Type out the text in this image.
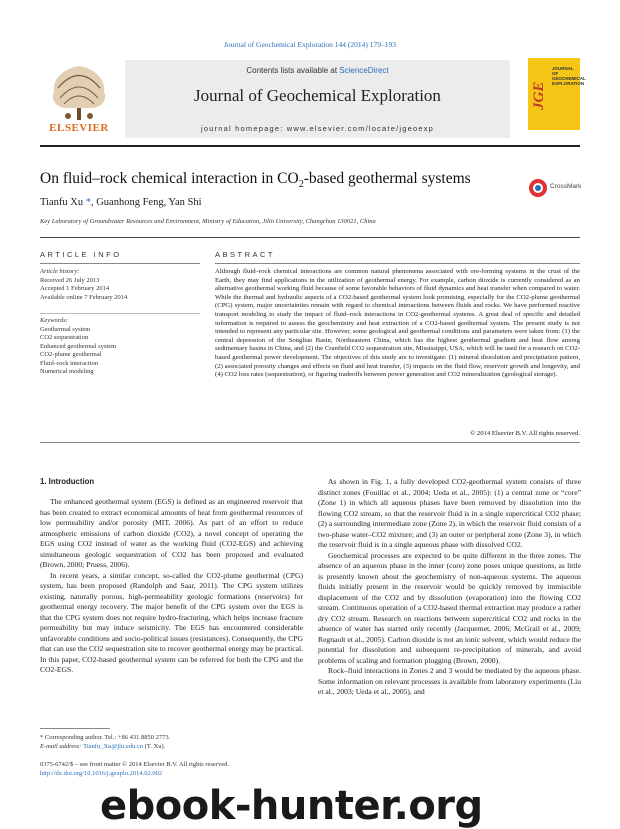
Journal of Geochemical Exploration 144 (2014) 179–193
ELSEVIER
Contents lists available at ScienceDirect
Journal of Geochemical Exploration
journal homepage: www.elsevier.com/locate/jgeoexp
JGE
JOURNAL OF GEOCHEMICAL EXPLORATION
On fluid–rock chemical interaction in $CO_2$-based geothermal systems	CrossMark
Tianfu Xu *, Guanhong Feng, Yan Shi
Key Laboratory of Groundwater Resources and Environment, Ministry of Education, Jilin University, Changchun 130021, China
ARTICLE INFO
Article history:
Received 26 July 2013
Accepted 1 February 2014
Available online 7 February 2014
Keywords:
Geothermal system
CO2 sequestration
Enhanced geothermal system
CO2-plume geothermal
Fluid–rock interaction
Numerical modeling
ABSTRACT
Although fluid–rock chemical interactions are common natural phenomena associated with ore-forming systems in the crust of the Earth, they may find applications in the utilization of geothermal energy. For example, carbon dioxide is currently considered as an alternative geothermal working fluid because of some favorable behaviors of fluid dynamics and heat transfer when compared to water. While the thermal and hydraulic aspects of a CO2-based geothermal system look promising, especially for the CO2-plume geothermal (CPG) system, major uncertainties remain with regard to chemical interactions between fluids and rocks. We have performed reactive transport modeling to study the impact of fluid–rock interactions in CO2-geothermal systems. A great deal of specific and detailed information is required to assess the geochemistry and heat extraction of a CO2-based geothermal system. The present study is not intended to represent any particular site. However, some geological and geothermal conditions and parameters were taken from: (1) the central depression of the Songliao Basin, Northeastern China, which has the highest geothermal gradient and heat flow among sedimentary basins in China, and (2) the Cranfield CO2 sequestration site, Mississippi, USA, which will be used for a research on CO2-based geothermal power development. The objectives of this study are to investigate: (1) mineral dissolution and precipitation pattern, (2) associated porosity changes and effects on fluid and heat transfer, (3) impacts on the fluid flow, reservoir growth and longevity, and (4) CO2 loss rates (sequestration), or figuring tradeoffs between power generation and CO2 mineralization (geological storage).
© 2014 Elsevier B.V. All rights reserved.
1. Introduction

The enhanced geothermal system (EGS) is defined as an engineered reservoir that has been created to extract economical amounts of heat from geothermal resources of low permeability and/or porosity (MIT, 2006). As part of an effort to reduce atmospheric emissions of carbon dioxide (CO2), a novel concept of operating the EGS using CO2 instead of water as the working fluid (CO2-EGS) and achieving simultaneous geologic sequestration of CO2 has been proposed and evaluated (Brown, 2000; Pruess, 2006).

In recent years, a similar concept, so-called the CO2-plume geothermal (CPG) system, has been proposed (Randolph and Saar, 2011). The CPG system utilizes existing, naturally porous, high-permeability geologic formations (reservoirs) for geothermal energy recovery. The major benefit of the CPG system over the EGS is that the CPG system does not require hydro-fracturing, which helps increase fracture permeability but may induce seismicity. The EGS has encountered considerable unfavorable conditions and socio-political issues (resistances). Consequently, the CPG that can use the CO2 sequestration site to recover geothermal energy may be practical. In this paper, CO2-based geothermal system can be referred for both the CPG and the CO2-EGS.

As shown in Fig. 1, a fully developed CO2-geothermal system consists of three distinct zones (Fouillac et al., 2004; Ueda et al., 2005): (1) a central zone or “core” (Zone 1) in which all aqueous phases have been removed by dissolution into the flowing CO2 stream, so that the reservoir fluid is in a single supercritical CO2 phase; (2) a surrounding intermediate zone (Zone 2), in which the reservoir fluid consists of a two-phase water–CO2 mixture; and (3) an outer or peripheral zone (Zone 3), in which the reservoir fluid is in a single aqueous phase with dissolved CO2.

Geochemical processes are expected to be quite different in the three zones. The absence of an aqueous phase in the inner (core) zone poses unique questions, as little is presently known about the geochemistry of non-aqueous systems. The aqueous fluids initially present in the reservoir would be quickly removed by immiscible displacement of the CO2 and by dissolution (evaporation) into the flowing CO2 stream. Continuous operation of a CO2-based thermal extraction may produce a rather dry CO2 stream. Research on reactions between supercritical CO2 and rocks in the absence of water has started only recently (Jacquemet, 2006; McGrail et al., 2009; Regnault et al., 2005). Carbon dioxide is not an ionic solvent, which would reduce the potential for dissolution and subsequent re-precipitation of minerals, and avoid problems of scaling and formation plugging (Brown, 2000).

Rock–fluid interactions in Zones 2 and 3 would be mediated by the aqueous phase. Some information on relevant processes is available from laboratory experiments (Liu et al., 2003; Ueda et al., 2005), and

* Corresponding author. Tel.: +86 431 8850 2773.
E-mail address: Tianfu_Xu@jlu.edu.cn (T. Xu).
0375-6742/$ – see front matter © 2014 Elsevier B.V. All rights reserved.
http://dx.doi.org/10.1016/j.gexplo.2014.02.002
ebook-hunter.org
